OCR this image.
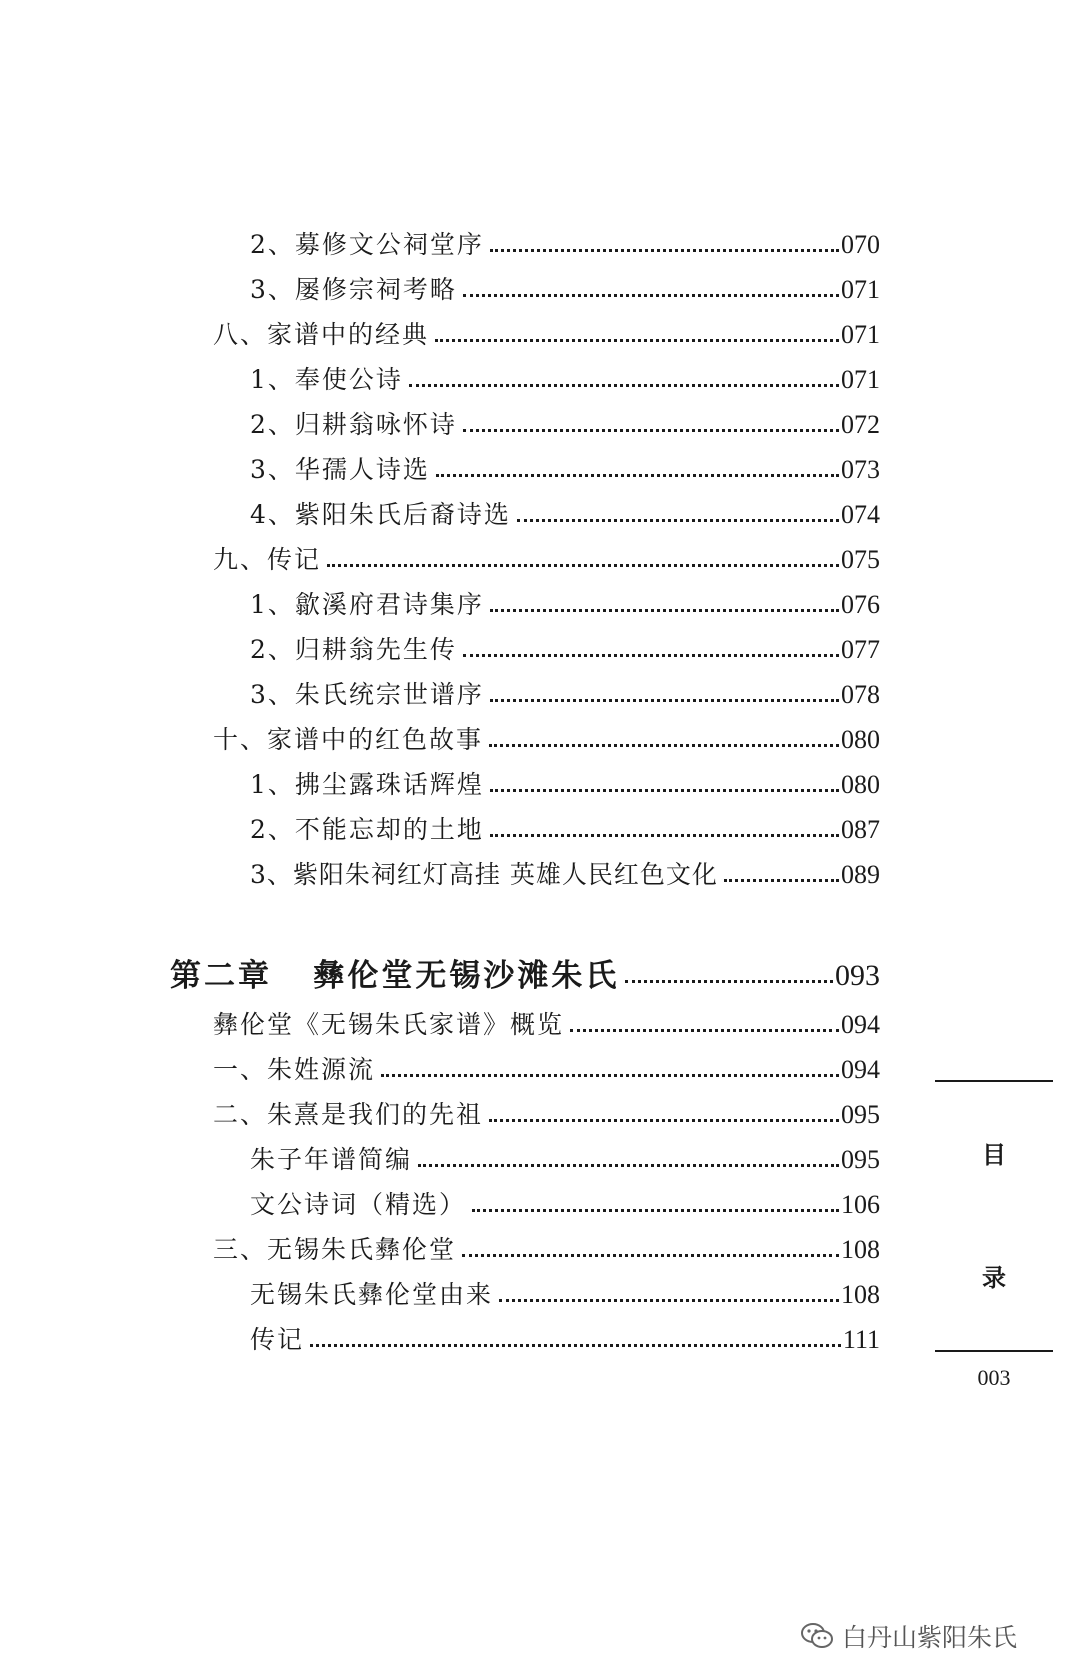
2、募修文公祠堂序	070
3、屡修宗祠考略	071
八、家谱中的经典	071
1、奉使公诗	071
2、归耕翁咏怀诗	072
3、华孺人诗选	073
4、紫阳朱氏后裔诗选	074
九、传记	075
1、歙溪府君诗集序	076
2、归耕翁先生传	077
3、朱氏统宗世谱序	078
十、家谱中的红色故事	080
1、拂尘露珠话辉煌	080
2、不能忘却的土地	087
3、紫阳朱祠红灯高挂 英雄人民红色文化	089
第二章   彝伦堂无锡沙滩朱氏	093
彝伦堂《无锡朱氏家谱》概览	094
一、朱姓源流	094
二、朱熹是我们的先祖	095
朱子年谱简编	095
文公诗词（精选）	106
三、无锡朱氏彝伦堂	108
无锡朱氏彝伦堂由来	108
传记	111
目
录
003
白丹山紫阳朱氏
